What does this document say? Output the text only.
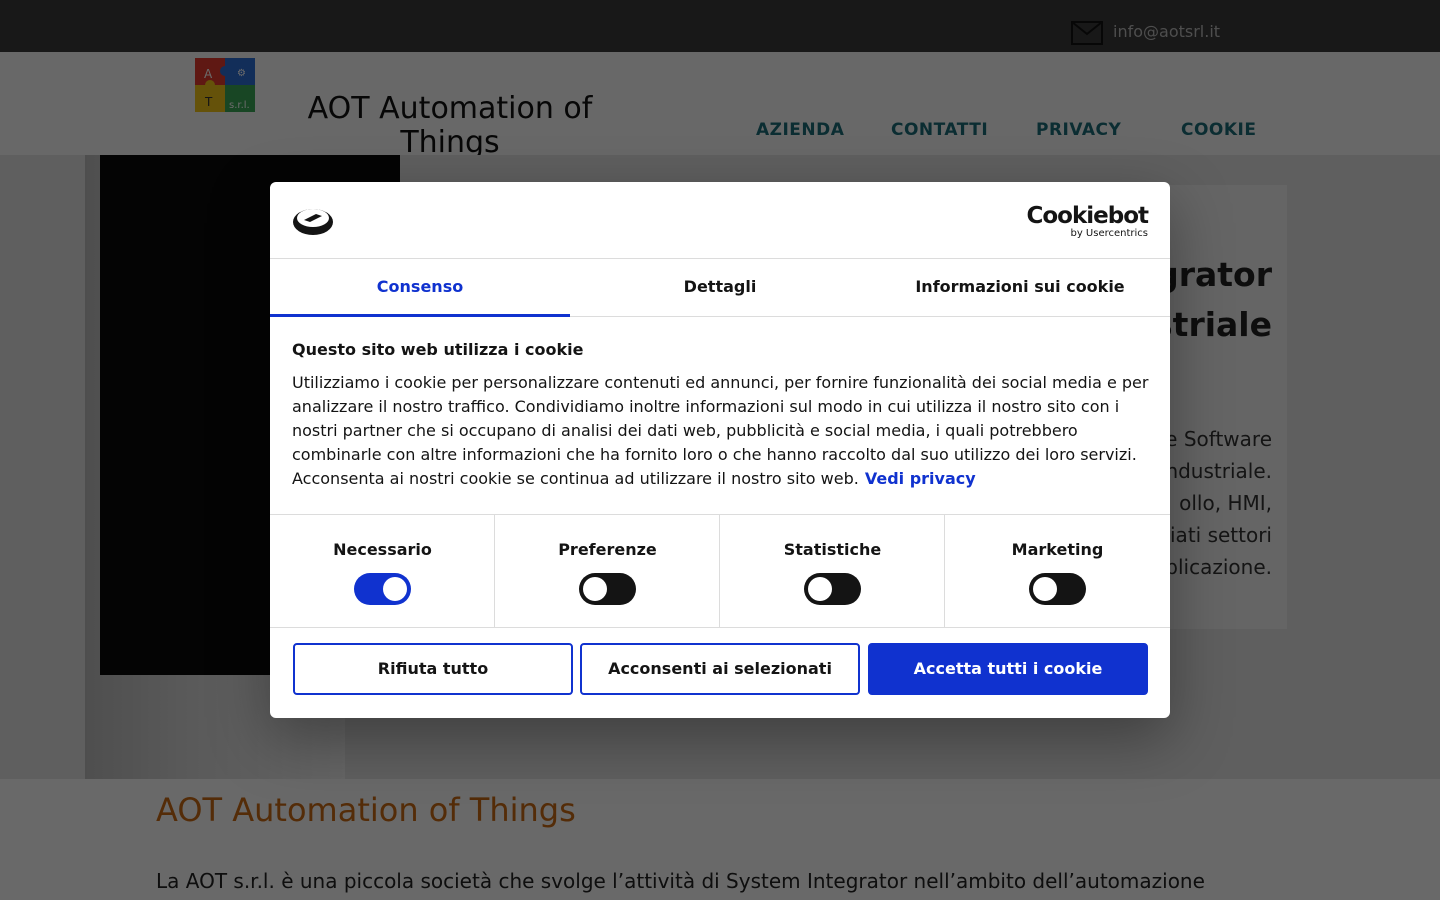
Cookiebot
by Usercentrics
Consenso	Dettagli	Informazioni sui cookie
Questo sito web utilizza i cookie

Utilizziamo i cookie per personalizzare contenuti ed annunci, per fornire funzionalità dei social media e per analizzare il nostro traffico. Condividiamo inoltre informazioni sul modo in cui utilizza il nostro sito con i nostri partner che si occupano di analisi dei dati web, pubblicità e social media, i quali potrebbero combinarle con altre informazioni che ha fornito loro o che hanno raccolto dal suo utilizzo dei loro servizi. Acconsenta ai nostri cookie se continua ad utilizzare il nostro sito web. Vedi privacy

Necessario	Preferenze	Statistiche	Marketing
Rifiuta tutto	Acconsenti ai selezionati	Accetta tutti i cookie
